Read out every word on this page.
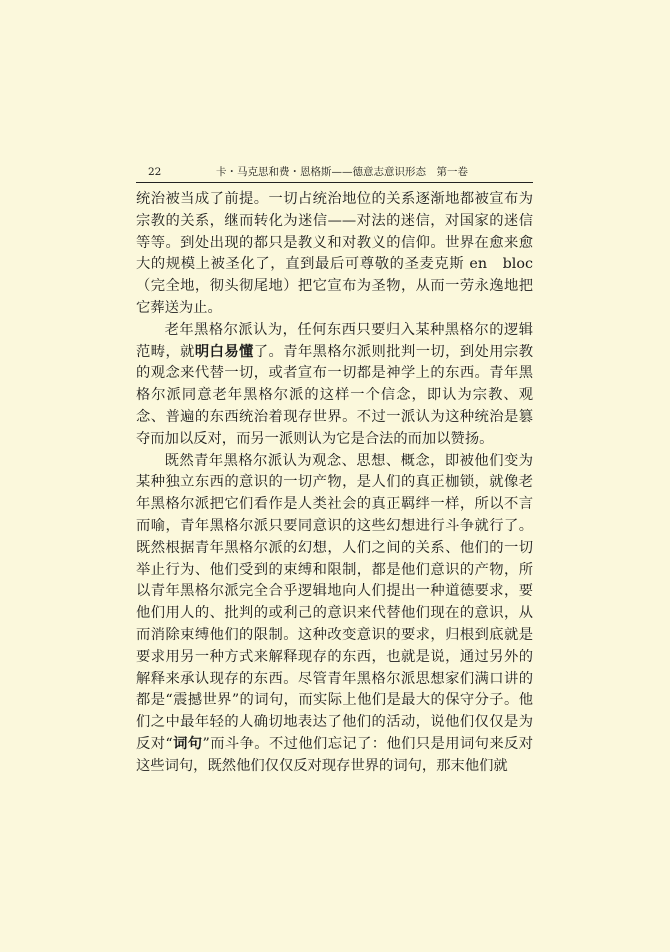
22	卡・马克思和费・恩格斯——德意志意识形态　第一卷

统治被当成了前提。一切占统治地位的关系逐渐地都被宣布为宗教的关系，继而转化为迷信——对法的迷信，对国家的迷信等等。到处出现的都只是教义和对教义的信仰。世界在愈来愈大的规模上被圣化了，直到最后可尊敬的圣麦克斯 en　bloc（完全地，彻头彻尾地）把它宣布为圣物，从而一劳永逸地把它葬送为止。

老年黑格尔派认为，任何东西只要归入某种黑格尔的逻辑范畴，就明白易懂了。青年黑格尔派则批判一切，到处用宗教的观念来代替一切，或者宣布一切都是神学上的东西。青年黑格尔派同意老年黑格尔派的这样一个信念，即认为宗教、观念、普遍的东西统治着现存世界。不过一派认为这种统治是篡夺而加以反对，而另一派则认为它是合法的而加以赞扬。

既然青年黑格尔派认为观念、思想、概念，即被他们变为某种独立东西的意识的一切产物，是人们的真正枷锁，就像老年黑格尔派把它们看作是人类社会的真正羁绊一样，所以不言而喻，青年黑格尔派只要同意识的这些幻想进行斗争就行了。既然根据青年黑格尔派的幻想，人们之间的关系、他们的一切举止行为、他们受到的束缚和限制，都是他们意识的产物，所以青年黑格尔派完全合乎逻辑地向人们提出一种道德要求，要他们用人的、批判的或利己的意识来代替他们现在的意识，从而消除束缚他们的限制。这种改变意识的要求，归根到底就是要求用另一种方式来解释现存的东西，也就是说，通过另外的解释来承认现存的东西。尽管青年黑格尔派思想家们满口讲的都是“震撼世界”的词句，而实际上他们是最大的保守分子。他们之中最年轻的人确切地表达了他们的活动，说他们仅仅是为反对“词句”而斗争。不过他们忘记了：他们只是用词句来反对这些词句，既然他们仅仅反对现存世界的词句，那末他们就
